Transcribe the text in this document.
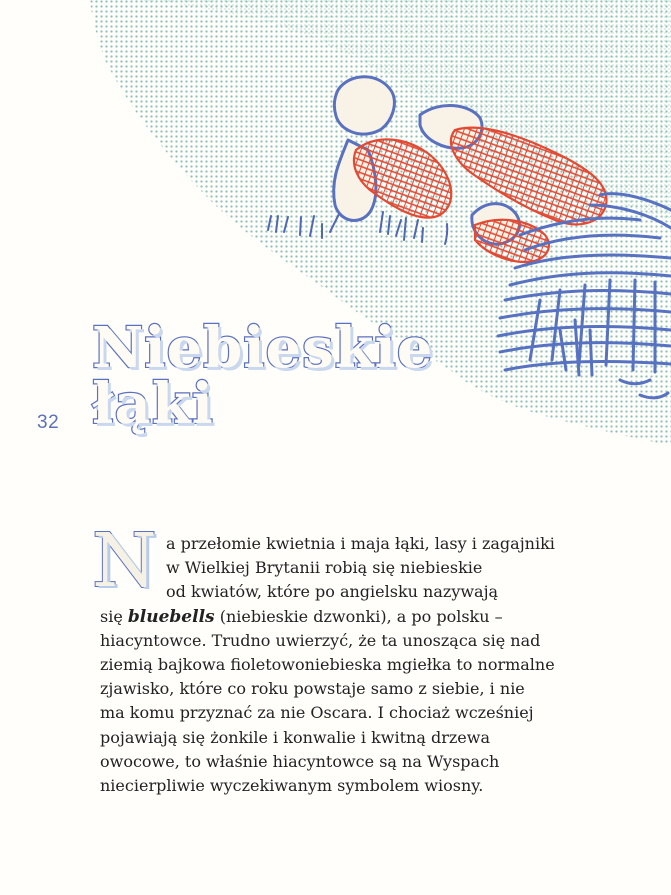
32
Niebieskie
łąki

N a przełomie kwietnia i maja łąki, lasy i zagajniki
w Wielkiej Brytanii robią się niebieskie
od kwiatów, które po angielsku nazywają
się bluebells (niebieskie dzwonki), a po polsku –
hiacyntowce. Trudno uwierzyć, że ta unosząca się nad
ziemią bajkowa fioletowoniebieska mgiełka to normalne
zjawisko, które co roku powstaje samo z siebie, i nie
ma komu przyznać za nie Oscara. I chociaż wcześniej
pojawiają się żonkile i konwalie i kwitną drzewa
owocowe, to właśnie hiacyntowce są na Wyspach
niecierpliwie wyczekiwanym symbolem wiosny.
